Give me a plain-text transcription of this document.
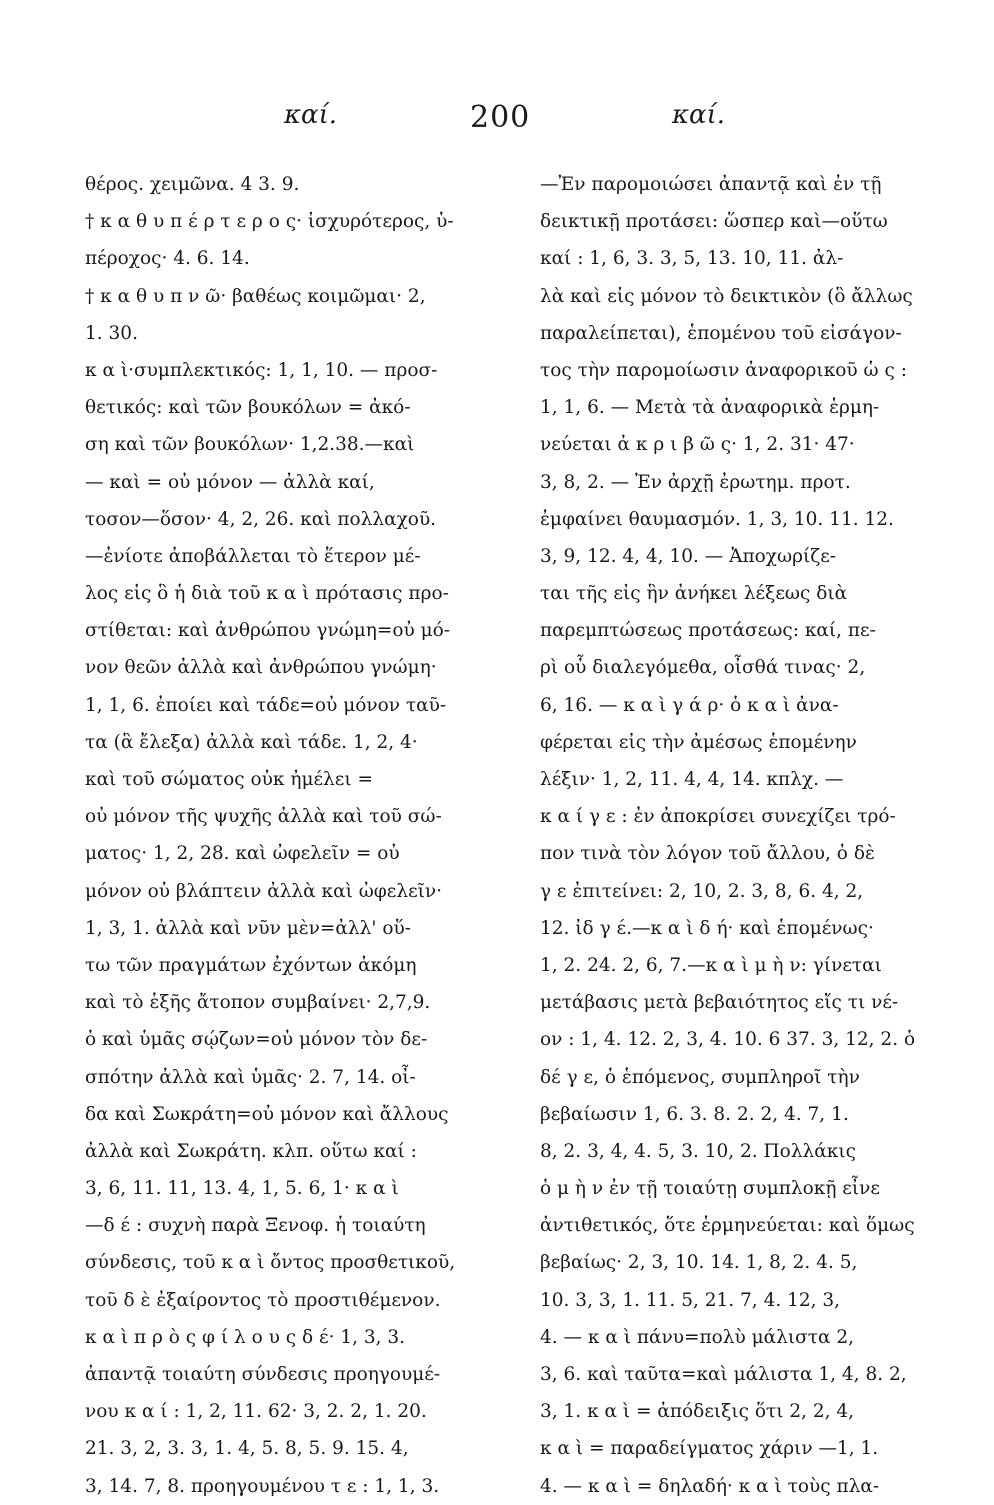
καί.	200	καί.
θέρος. χειμῶνα. 4 3. 9.
† κ α θ υ π έ ρ τ ε ρ ο ς· ἰσχυρότερος, ὑ-
πέροχος· 4. 6. 14.
† κ α θ υ π ν ῶ· βαθέως κοιμῶμαι· 2,
1. 30.
κ α ὶ·συμπλεκτικός: 1, 1, 10. — προσ-
θετικός: καὶ τῶν βουκόλων = ἀκό-
ση καὶ τῶν βουκόλων· 1,2.38.—καὶ
— καὶ = οὐ μόνον — ἀλλὰ καί,
τοσον—ὅσον· 4, 2, 26. καὶ πολλαχοῦ.
—ἐνίοτε ἀποβάλλεται τὸ ἕτερον μέ-
λος εἰς ὃ ἡ διὰ τοῦ κ α ὶ πρότασις προ-
στίθεται: καὶ ἀνθρώπου γνώμη=οὐ μό-
νον θεῶν ἀλλὰ καὶ ἀνθρώπου γνώμη·
1, 1, 6. ἐποίει καὶ τάδε=οὐ μόνον ταῦ-
τα (ἃ ἔλεξα) ἀλλὰ καὶ τάδε. 1, 2, 4·
καὶ τοῦ σώματος οὐκ ἠμέλει =
οὐ μόνον τῆς ψυχῆς ἀλλὰ καὶ τοῦ σώ-
ματος· 1, 2, 28. καὶ ὠφελεῖν = οὐ
μόνον οὐ βλάπτειν ἀλλὰ καὶ ὠφελεῖν·
1, 3, 1. ἀλλὰ καὶ νῦν μὲν=ἀλλ' οὕ-
τω τῶν πραγμάτων ἐχόντων ἀκόμη
καὶ τὸ ἑξῆς ἄτοπον συμβαίνει· 2,7,9.
ὁ καὶ ὑμᾶς σῴζων=οὐ μόνον τὸν δε-
σπότην ἀλλὰ καὶ ὑμᾶς· 2. 7, 14. οἶ-
δα καὶ Σωκράτη=οὐ μόνον καὶ ἄλλους
ἀλλὰ καὶ Σωκράτη. κλπ. οὕτω καί :
3, 6, 11. 11, 13. 4, 1, 5. 6, 1· κ α ὶ
—δ έ : συχνὴ παρὰ Ξενοφ. ἡ τοιαύτη
σύνδεσις, τοῦ κ α ὶ ὄντος προσθετικοῦ,
τοῦ δ ὲ ἐξαίροντος τὸ προστιθέμενον.
κ α ὶ π ρ ὸ ς φ ί λ ο υ ς δ έ· 1, 3, 3.
ἀπαντᾷ τοιαύτη σύνδεσις προηγουμέ-
νου κ α ί : 1, 2, 11. 62· 3, 2. 2, 1. 20.
21. 3, 2, 3. 3, 1. 4, 5. 8, 5. 9. 15. 4,
3, 14. 7, 8. προηγουμένου τ ε : 1, 1, 3.
—Ἐν παρομοιώσει ἀπαντᾷ καὶ ἐν τῇ
δεικτικῇ προτάσει: ὥσπερ καὶ—οὕτω
καί : 1, 6, 3. 3, 5, 13. 10, 11. ἀλ-
λὰ καὶ εἰς μόνον τὸ δεικτικὸν (ὃ ἄλλως
παραλείπεται), ἑπομένου τοῦ εἰσάγον-
τος τὴν παρομοίωσιν ἀναφορικοῦ ὡ ς :
1, 1, 6. — Μετὰ τὰ ἀναφορικὰ ἑρμη-
νεύεται ἀ κ ρ ι β ῶ ς· 1, 2. 31· 47·
3, 8, 2. — Ἐν ἀρχῇ ἐρωτημ. προτ.
ἐμφαίνει θαυμασμόν. 1, 3, 10. 11. 12.
3, 9, 12. 4, 4, 10. — Ἀποχωρίζε-
ται τῆς εἰς ἣν ἀνήκει λέξεως διὰ
παρεμπτώσεως προτάσεως: καί, πε-
ρὶ οὗ διαλεγόμεθα, οἶσθά τινας· 2,
6, 16. — κ α ὶ γ ά ρ· ὁ κ α ὶ ἀνα-
φέρεται εἰς τὴν ἀμέσως ἑπομένην
λέξιν· 1, 2, 11. 4, 4, 14. κπλχ. —
κ α ί γ ε : ἐν ἀποκρίσει συνεχίζει τρό-
πον τινὰ τὸν λόγον τοῦ ἄλλου, ὁ δὲ
γ ε ἐπιτείνει: 2, 10, 2. 3, 8, 6. 4, 2,
12. ἰδ γ έ.—κ α ὶ δ ή· καὶ ἑπομένως·
1, 2. 24. 2, 6, 7.—κ α ὶ μ ὴ ν: γίνεται
μετάβασις μετὰ βεβαιότητος εἴς τι νέ-
ον : 1, 4. 12. 2, 3, 4. 10. 6 37. 3, 12, 2. ὁ
δέ γ ε, ὁ ἑπόμενος, συμπληροῖ τὴν
βεβαίωσιν 1, 6. 3. 8. 2. 2, 4. 7, 1.
8, 2. 3, 4, 4. 5, 3. 10, 2. Πολλάκις
ὁ μ ὴ ν ἐν τῇ τοιαύτῃ συμπλοκῇ εἶνε
ἀντιθετικός, ὅτε ἑρμηνεύεται: καὶ ὅμως
βεβαίως· 2, 3, 10. 14. 1, 8, 2. 4. 5,
10. 3, 3, 1. 11. 5, 21. 7, 4. 12, 3,
4. — κ α ὶ πάνυ=πολὺ μάλιστα 2,
3, 6. καὶ ταῦτα=καὶ μάλιστα 1, 4, 8. 2,
3, 1. κ α ὶ = ἀπόδειξις ὅτι 2, 2, 4,
κ α ὶ = παραδείγματος χάριν —1, 1.
4. — κ α ὶ = δηλαδή· κ α ὶ τοὺς πλα-
